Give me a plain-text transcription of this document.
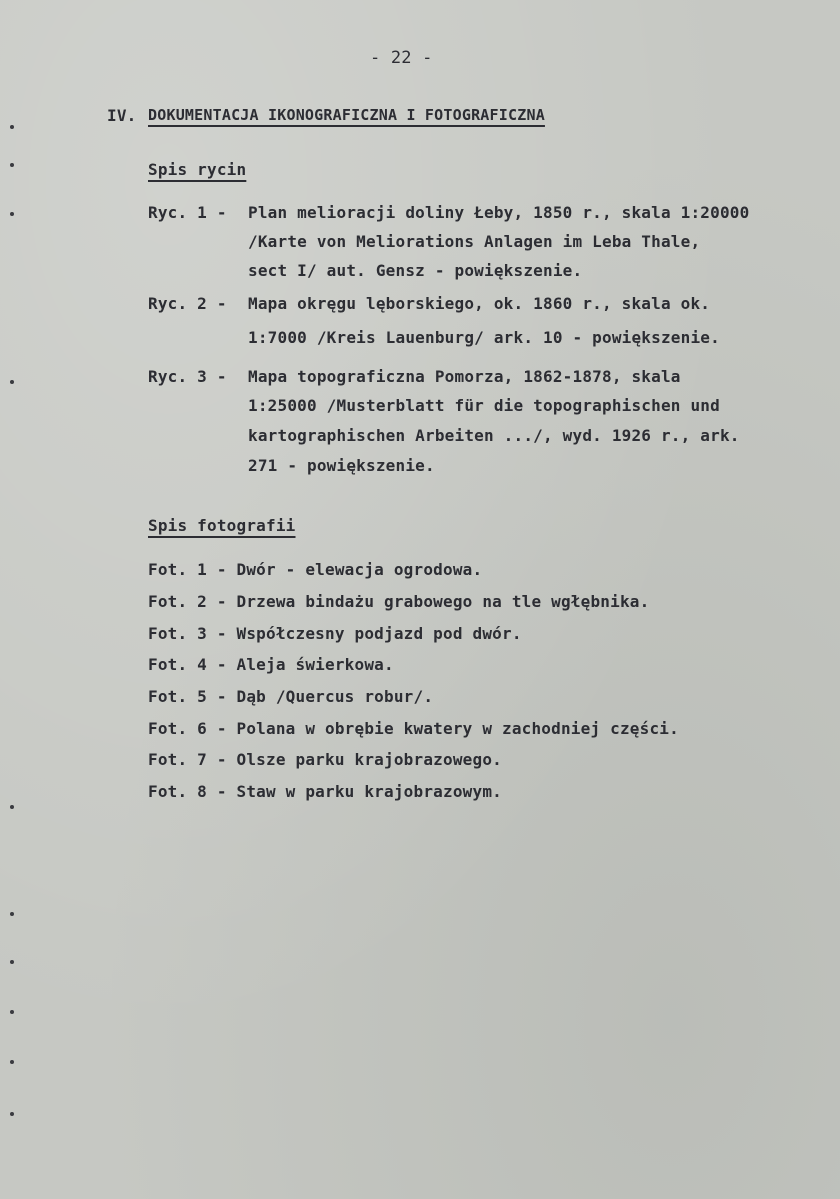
- 22 -
IV. DOKUMENTACJA IKONOGRAFICZNA I FOTOGRAFICZNA
Spis rycin
Ryc. 1 - Plan melioracji doliny Łeby, 1850 r., skala 1:20000
/Karte von Meliorations Anlagen im Leba Thale,
sect I/ aut. Gensz - powiększenie.
Ryc. 2 - Mapa okręgu lęborskiego, ok. 1860 r., skala ok.
1:7000 /Kreis Lauenburg/ ark. 10 - powiększenie.
Ryc. 3 - Mapa topograficzna Pomorza, 1862-1878, skala
1:25000 /Musterblatt für die topographischen und
kartographischen Arbeiten .../, wyd. 1926 r., ark.
271 - powiększenie.
Spis fotografii
Fot. 1 - Dwór - elewacja ogrodowa.
Fot. 2 - Drzewa bindażu grabowego na tle wgłębnika.
Fot. 3 - Współczesny podjazd pod dwór.
Fot. 4 - Aleja świerkowa.
Fot. 5 - Dąb /Quercus robur/.
Fot. 6 - Polana w obrębie kwatery w zachodniej części.
Fot. 7 - Olsze parku krajobrazowego.
Fot. 8 - Staw w parku krajobrazowym.
